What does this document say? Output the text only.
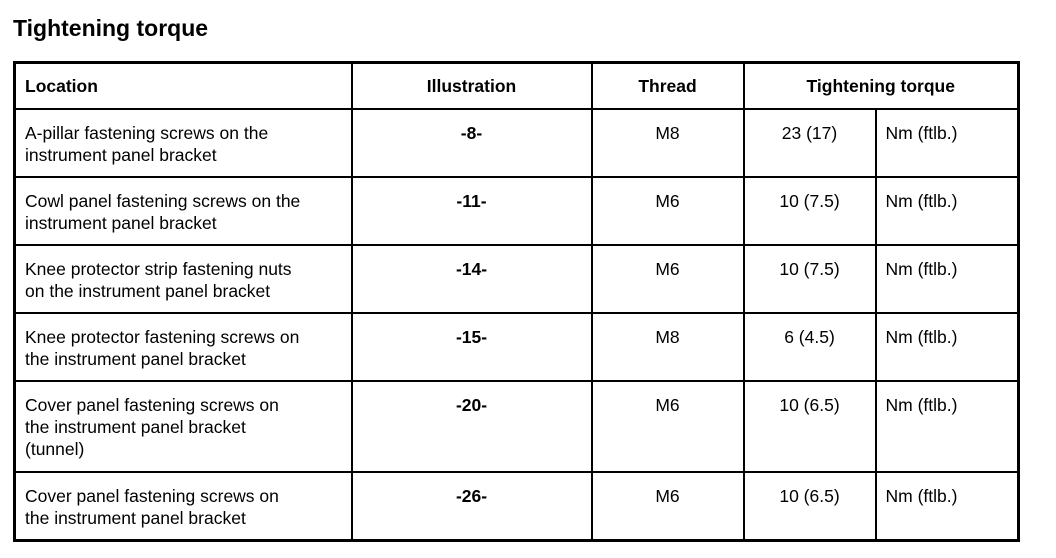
Tightening torque
Location	Illustration	Thread	Tightening torque	
A-pillar fastening screws on the
instrument panel bracket	-8-	M8	23 (17)	Nm (ftlb.)
Cowl panel fastening screws on the
instrument panel bracket	-11-	M6	10 (7.5)	Nm (ftlb.)
Knee protector strip fastening nuts
on the instrument panel bracket	-14-	M6	10 (7.5)	Nm (ftlb.)
Knee protector fastening screws on
the instrument panel bracket	-15-	M8	6 (4.5)	Nm (ftlb.)
Cover panel fastening screws on
the instrument panel bracket
(tunnel)	-20-	M6	10 (6.5)	Nm (ftlb.)
Cover panel fastening screws on
the instrument panel bracket	-26-	M6	10 (6.5)	Nm (ftlb.)
